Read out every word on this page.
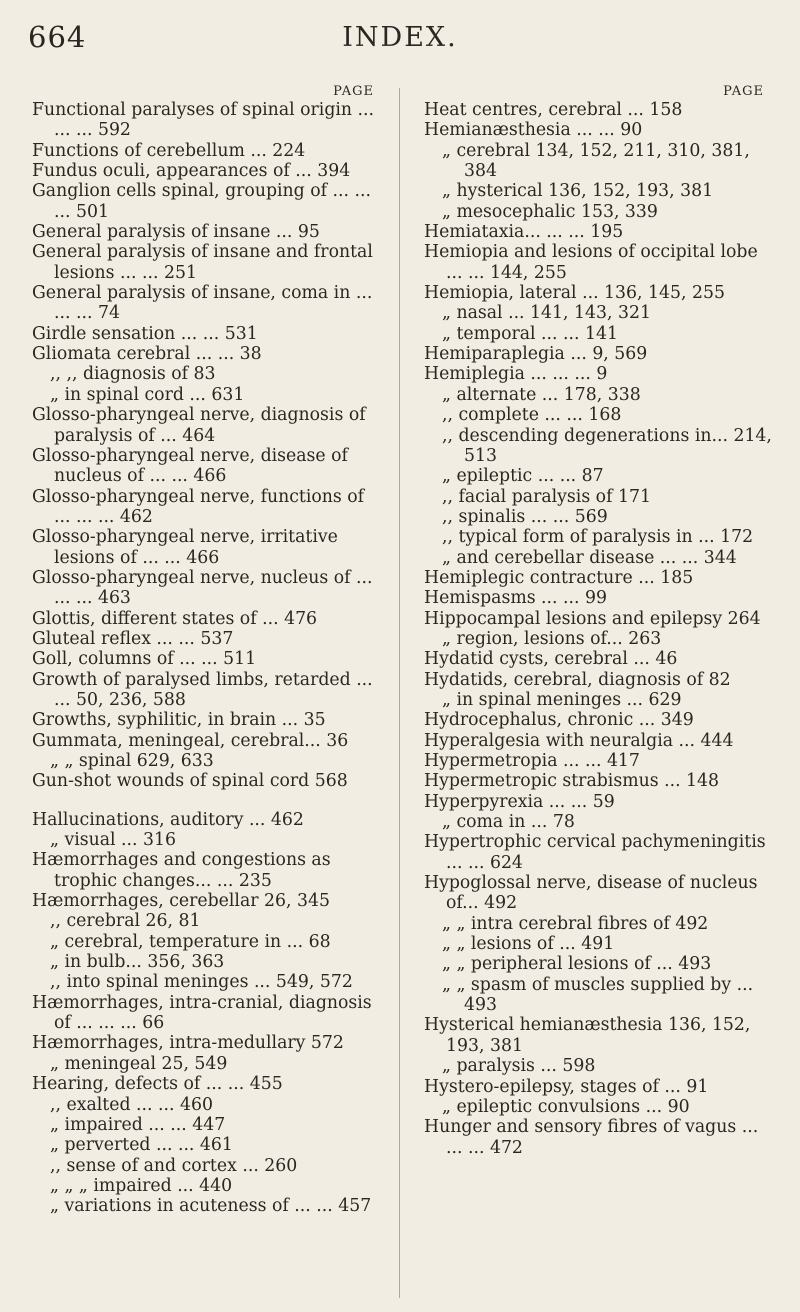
664	INDEX.
PAGE
Functional paralyses of spinal origin ... ... ... 592
Functions of cerebellum ... 224
Fundus oculi, appearances of ... 394
Ganglion cells spinal, grouping of ... ... ... 501
General paralysis of insane ... 95
General paralysis of insane and frontal lesions ... ... 251
General paralysis of insane, coma in ... ... ... 74
Girdle sensation ... ... 531
Gliomata cerebral ... ... 38
,, ,, diagnosis of 83
„ in spinal cord ... 631
Glosso-pharyngeal nerve, diagnosis of paralysis of ... 464
Glosso-pharyngeal nerve, disease of nucleus of ... ... 466
Glosso-pharyngeal nerve, functions of ... ... ... 462
Glosso-pharyngeal nerve, irritative lesions of ... ... 466
Glosso-pharyngeal nerve, nucleus of ... ... ... 463
Glottis, different states of ... 476
Gluteal reflex ... ... 537
Goll, columns of ... ... 511
Growth of paralysed limbs, retarded ... ... 50, 236, 588
Growths, syphilitic, in brain ... 35
Gummata, meningeal, cerebral... 36
„ „ spinal 629, 633
Gun-shot wounds of spinal cord 568
Hallucinations, auditory ... 462
„ visual ... 316
Hæmorrhages and congestions as trophic changes... ... 235
Hæmorrhages, cerebellar 26, 345
,, cerebral 26, 81
„ cerebral, temperature in ... 68
„ in bulb... 356, 363
,, into spinal meninges ... 549, 572
Hæmorrhages, intra-cranial, diagnosis of ... ... ... 66
Hæmorrhages, intra-medullary 572
„ meningeal 25, 549
Hearing, defects of ... ... 455
,, exalted ... ... 460
„ impaired ... ... 447
„ perverted ... ... 461
,, sense of and cortex ... 260
„ „ „ impaired ... 440
„ variations in acuteness of ... ... 457
PAGE
Heat centres, cerebral ... 158
Hemianæsthesia ... ... 90
„ cerebral 134, 152, 211, 310, 381, 384
„ hysterical 136, 152, 193, 381
„ mesocephalic 153, 339
Hemiataxia... ... ... 195
Hemiopia and lesions of occipital lobe ... ... 144, 255
Hemiopia, lateral ... 136, 145, 255
„ nasal ... 141, 143, 321
„ temporal ... ... 141
Hemiparaplegia ... 9, 569
Hemiplegia ... ... ... 9
„ alternate ... 178, 338
,, complete ... ... 168
,, descending degenerations in... 214, 513
„ epileptic ... ... 87
,, facial paralysis of 171
,, spinalis ... ... 569
,, typical form of paralysis in ... 172
„ and cerebellar disease ... ... 344
Hemiplegic contracture ... 185
Hemispasms ... ... 99
Hippocampal lesions and epilepsy 264
„ region, lesions of... 263
Hydatid cysts, cerebral ... 46
Hydatids, cerebral, diagnosis of 82
„ in spinal meninges ... 629
Hydrocephalus, chronic ... 349
Hyperalgesia with neuralgia ... 444
Hypermetropia ... ... 417
Hypermetropic strabismus ... 148
Hyperpyrexia ... ... 59
„ coma in ... 78
Hypertrophic cervical pachymeningitis ... ... 624
Hypoglossal nerve, disease of nucleus of... 492
„ „ intra cerebral fibres of 492
„ „ lesions of ... 491
„ „ peripheral lesions of ... 493
„ „ spasm of muscles supplied by ... 493
Hysterical hemianæsthesia 136, 152, 193, 381
„ paralysis ... 598
Hystero-epilepsy, stages of ... 91
„ epileptic convulsions ... 90
Hunger and sensory fibres of vagus ... ... ... 472
